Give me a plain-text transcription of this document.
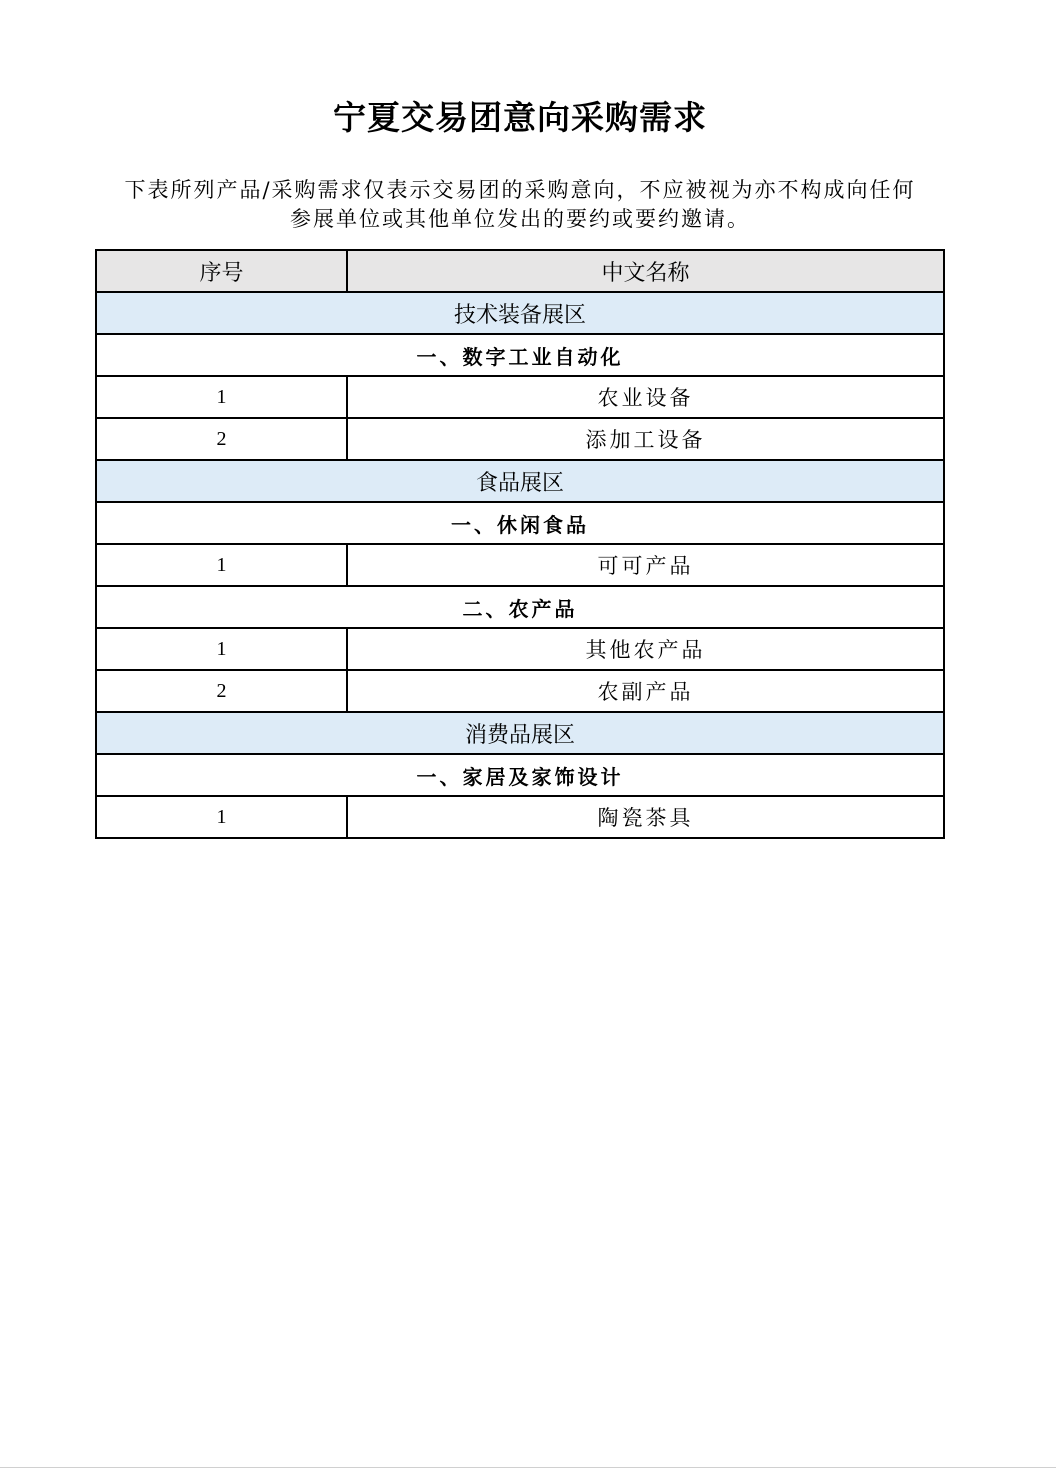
宁夏交易团意向采购需求
下表所列产品/采购需求仅表示交易团的采购意向，不应被视为亦不构成向任何
参展单位或其他单位发出的要约或要约邀请。
序号	中文名称
技术装备展区	
一、数字工业自动化	
1	农业设备
2	添加工设备
食品展区	
一、休闲食品	
1	可可产品
二、农产品	
1	其他农产品
2	农副产品
消费品展区	
一、家居及家饰设计	
1	陶瓷茶具
